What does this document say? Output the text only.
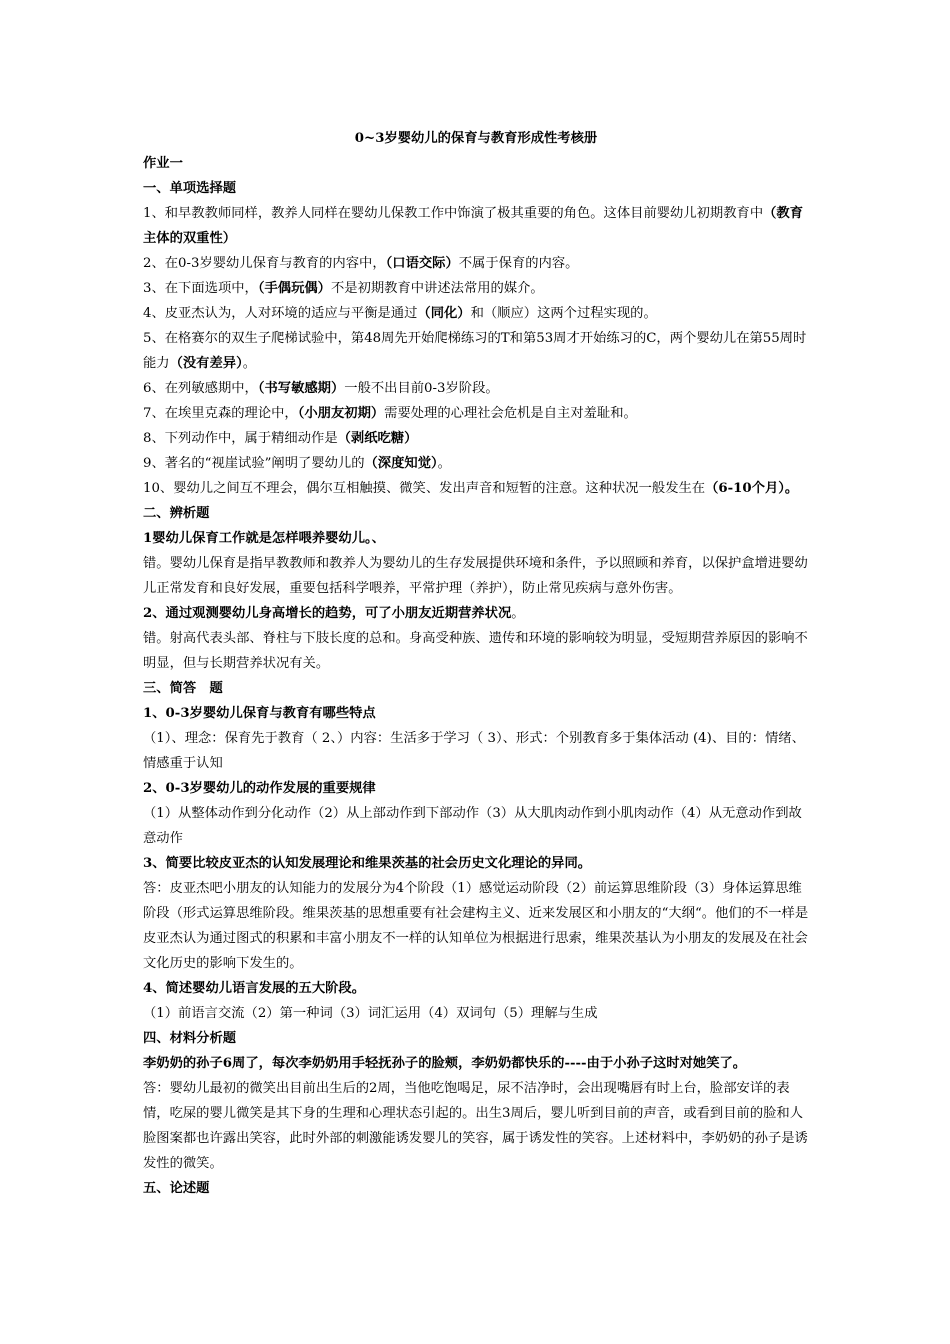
0~3岁婴幼儿的保育与教育形成性考核册
作业一
一、单项选择题
1、和早教教师同样，教养人同样在婴幼儿保教工作中饰演了极其重要的角色。这体目前婴幼儿初期教育中（教育主体的双重性）
2、在0-3岁婴幼儿保育与教育的内容中，（口语交际）不属于保育的内容。
3、在下面选项中，（手偶玩偶）不是初期教育中讲述法常用的媒介。
4、皮亚杰认为，人对环境的适应与平衡是通过（同化）和（顺应）这两个过程实现的。
5、在格赛尔的双生子爬梯试验中，第48周先开始爬梯练习的T和第53周才开始练习的C，两个婴幼儿在第55周时能力（没有差异）。
6、在列敏感期中，（书写敏感期）一般不出目前0-3岁阶段。
7、在埃里克森的理论中，（小朋友初期）需要处理的心理社会危机是自主对羞耻和。
8、下列动作中，属于精细动作是（剥纸吃糖）
9、著名的“视崖试验”阐明了婴幼儿的（深度知觉）。
10、婴幼儿之间互不理会，偶尔互相触摸、微笑、发出声音和短暂的注意。这种状况一般发生在（6-10个月）。
二、辨析题
1婴幼儿保育工作就是怎样喂养婴幼儿。、
错。婴幼儿保育是指早教教师和教养人为婴幼儿的生存发展提供环境和条件，予以照顾和养育，以保护盒增进婴幼儿正常发育和良好发展，重要包括科学喂养，平常护理（养护），防止常见疾病与意外伤害。
2、通过观测婴幼儿身高增长的趋势，可了小朋友近期营养状况。
错。射高代表头部、脊柱与下肢长度的总和。身高受种族、遗传和环境的影响较为明显，受短期营养原因的影响不明显，但与长期营养状况有关。
三、简答　题
1、0-3岁婴幼儿保育与教育有哪些特点
（1）、理念：保育先于教育（ 2、）内容：生活多于学习（ 3）、形式：个别教育多于集体活动 (4)、目的：情绪、情感重于认知
2、0-3岁婴幼儿的动作发展的重要规律
（1）从整体动作到分化动作（2）从上部动作到下部动作（3）从大肌肉动作到小肌肉动作（4）从无意动作到故意动作
3、简要比较皮亚杰的认知发展理论和维果茨基的社会历史文化理论的异同。
答：皮亚杰吧小朋友的认知能力的发展分为4个阶段（1）感觉运动阶段（2）前运算思维阶段（3）身体运算思维阶段（形式运算思维阶段。维果茨基的思想重要有社会建构主义、近来发展区和小朋友的“大纲“。他们的不一样是皮亚杰认为通过图式的积累和丰富小朋友不一样的认知单位为根据进行思索，维果茨基认为小朋友的发展及在社会文化历史的影响下发生的。
4、简述婴幼儿语言发展的五大阶段。
（1）前语言交流（2）第一种词（3）词汇运用（4）双词句（5）理解与生成
四、材料分析题
李奶奶的孙子6周了，每次李奶奶用手轻抚孙子的脸颊，李奶奶都快乐的----由于小孙子这时对她笑了。
答：婴幼儿最初的微笑出目前出生后的2周，当他吃饱喝足，尿不洁净时，会出现嘴唇有时上台，脸部安详的表情，吃屎的婴儿微笑是其下身的生理和心理状态引起的。出生3周后，婴儿听到目前的声音，或看到目前的脸和人脸图案都也许露出笑容，此时外部的刺激能诱发婴儿的笑容，属于诱发性的笑容。上述材料中，李奶奶的孙子是诱发性的微笑。
五、论述题
